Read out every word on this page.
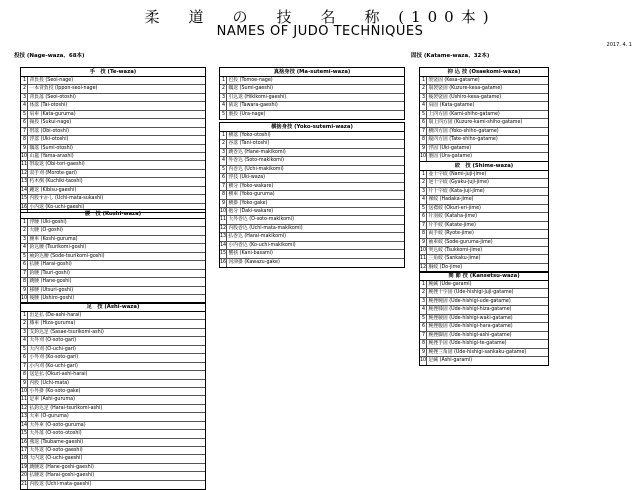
柔　道　の　技　名　称 (100本)
NAMES OF JUDO TECHNIQUES
2017. 4. 1
投技 (Nage-waza、68本)	固技 (Katame-waza、32本)
手　技 (Te-waza)
1 背負投 (Seoi-nage)
2 一本背負投 (Ippon-seoi-nage)
3 背負落 (Seoi-otoshi)
4 体落 (Tai-otoshi)
5 肩車 (Kata-guruma)
6 掬投 (Sukui-nage)
7 帯落 (Obi-otoshi)
8 浮落 (Uki-otoshi)
9 隅落 (Sumi-otoshi)
10 山嵐 (Yama-arashi)
11 帯取返 (Obi-tori-gaeshi)
12 双手刈 (Morote-gari)
13 朽木倒 (Kuchiki-taoshi)
14 踵返 (Kibisu-gaeshi)
15 内股すかし (Uchi-mata-sukashi)
16 小内返 (Ko-uchi-gaeshi)
腰　技 (Koshi-waza)
1 浮腰 (Uki-goshi)
2 大腰 (O-goshi)
3 腰車 (Koshi-guruma)
4 釣込腰 (Tsurikomi-goshi)
5 袖釣込腰 (Sode-tsurikomi-goshi)
6 払腰 (Harai-goshi)
7 釣腰 (Tsuri-goshi)
8 跳腰 (Hane-goshi)
9 移腰 (Utsuri-goshi)
10 後腰 (Ushiro-goshi)
足　技 (Ashi-waza)
1 出足払 (De-ashi-harai)
2 膝車 (Hiza-guruma)
3 支釣込足 (Sasae-tsurikomi-ashi)
4 大外刈 (O-soto-gari)
5 大内刈 (O-uchi-gari)
6 小外刈 (Ko-soto-gari)
7 小内刈 (Ko-uchi-gari)
8 送足払 (Okuri-ashi-harai)
9 内股 (Uchi-mata)
10 小外掛 (Ko-soto-gake)
11 足車 (Ashi-guruma)
12 払釣込足 (Harai-tsurikomi-ashi)
13 大車 (O-guruma)
14 大外車 (O-soto-guruma)
15 大外落 (O-soto-otoshi)
16 燕返 (Tsubame-gaeshi)
17 大外返 (O-soto-gaeshi)
18 大内返 (O-uchi-gaeshi)
19 跳腰返 (Hane-goshi-gaeshi)
20 払腰返 (Harai-goshi-gaeshi)
21 内股返 (Uchi-mata-gaeshi)
真捨身技 (Ma-sutemi-waza)
1 巴投 (Tomoe-nage)
2 隅返 (Sumi-gaeshi)
3 引込返 (Hikikomi-gaeshi)
4 俵返 (Tawara-gaeshi)
5 裏投 (Ura-nage)
横捨身技 (Yoko-sutemi-waza)
1 横落 (Yoko-otoshi)
2 谷落 (Tani-otoshi)
3 跳巻込 (Hane-makikomi)
4 外巻込 (Soto-makikomi)
5 内巻込 (Uchi-makikomi)
6 浮技 (Uki-waza)
7 横分 (Yoko-wakare)
8 横車 (Yoko-guruma)
9 横掛 (Yoko-gake)
10 抱分 (Daki-wakare)
11 大外巻込 (O-soto-makikomi)
12 内股巻込 (Uchi-mata-makikomi)
13 払巻込 (Harai-makikomi)
14 小内巻込 (Ko-uchi-makikomi)
15 蟹挟 (Kani-basami)
16 河津掛 (Kawazu-gake)
抑 込 技 (Osaekomi-waza)
1 袈裟固 (Kesa-gatame)
2 崩袈裟固 (Kuzure-kesa-gatame)
3 後袈裟固 (Ushiro-kesa-gatame)
4 肩固 (Kata-gatame)
5 上四方固 (Kami-shiho-gatame)
6 崩上四方固 (Kuzure-kami-shiho-gatame)
7 横四方固 (Yoko-shiho-gatame)
8 縦四方固 (Tate-shiho-gatame)
9 浮固 (Uki-gatame)
10 裏固 (Ura-gatame)
絞　技 (Shime-waza)
1 並十字絞 (Nami-juji-jime)
2 逆十字絞 (Gyaku-juji-jime)
3 片十字絞 (Kata-juji-jime)
4 裸絞 (Hadaka-jime)
5 送襟絞 (Okuri-eri-jime)
6 片羽絞 (Kataha-jime)
7 片手絞 (Katate-jime)
8 両手絞 (Ryote-jime)
9 袖車絞 (Sode-guruma-jime)
10 突込絞 (Tsukkomi-jime)
11 三角絞 (Sankaku-jime)
12 胴絞 (Do-jime)
関 節 技 (Kansetsu-waza)
1 腕緘 (Ude-garami)
2 腕挫十字固 (Ude-hishigi-juji-gatame)
3 腕挫腕固 (Ude-hishigi-ude-gatame)
4 腕挫膝固 (Ude-hishigi-hiza-gatame)
5 腕挫腋固 (Ude-hishigi-waki-gatame)
6 腕挫腹固 (Ude-hishigi-hara-gatame)
7 腕挫脚固 (Ude-hishigi-ashi-gatame)
8 腕挫手固 (Ude-hishigi-te-gatame)
9 腕挫三角固 (Ude-hishigi-sankaku-gatame)
10 足緘 (Ashi-garami)
